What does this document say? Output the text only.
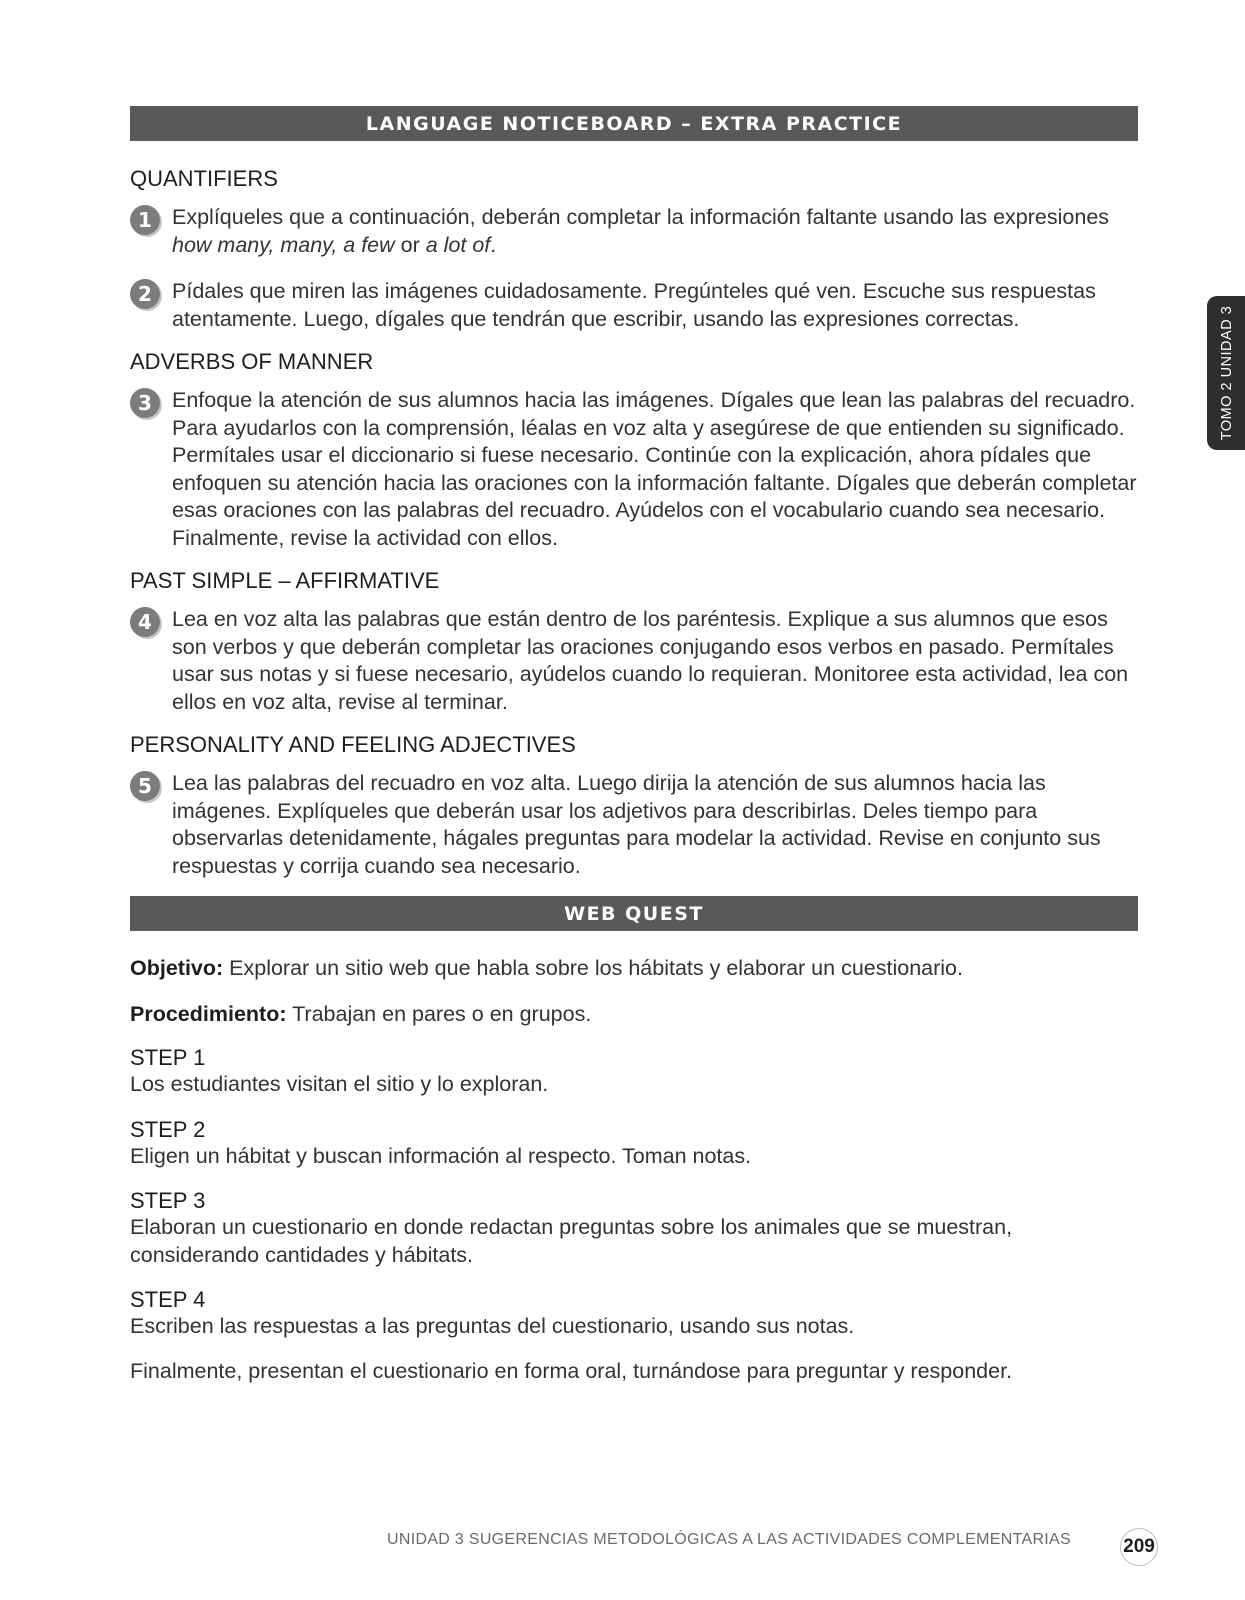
LANGUAGE NOTICEBOARD – EXTRA PRACTICE
QUANTIFIERS
1 Explíqueles que a continuación, deberán completar la información faltante usando las expresiones how many, many, a few or a lot of.
2 Pídales que miren las imágenes cuidadosamente. Pregúnteles qué ven. Escuche sus respuestas atentamente. Luego, dígales que tendrán que escribir, usando las expresiones correctas.
ADVERBS OF MANNER
3 Enfoque la atención de sus alumnos hacia las imágenes. Dígales que lean las palabras del recuadro. Para ayudarlos con la comprensión, léalas en voz alta y asegúrese de que entienden su significado. Permítales usar el diccionario si fuese necesario. Continúe con la explicación, ahora pídales que enfoquen su atención hacia las oraciones con la información faltante. Dígales que deberán completar esas oraciones con las palabras del recuadro. Ayúdelos con el vocabulario cuando sea necesario. Finalmente, revise la actividad con ellos.
PAST SIMPLE – AFFIRMATIVE
4 Lea en voz alta las palabras que están dentro de los paréntesis. Explique a sus alumnos que esos son verbos y que deberán completar las oraciones conjugando esos verbos en pasado. Permítales usar sus notas y si fuese necesario, ayúdelos cuando lo requieran. Monitoree esta actividad, lea con ellos en voz alta, revise al terminar.
PERSONALITY AND FEELING ADJECTIVES
5 Lea las palabras del recuadro en voz alta. Luego dirija la atención de sus alumnos hacia las imágenes. Explíqueles que deberán usar los adjetivos para describirlas. Deles tiempo para observarlas detenidamente, hágales preguntas para modelar la actividad. Revise en conjunto sus respuestas y corrija cuando sea necesario.
WEB QUEST

Objetivo: Explorar un sitio web que habla sobre los hábitats y elaborar un cuestionario.

Procedimiento: Trabajan en pares o en grupos.

STEP 1
Los estudiantes visitan el sitio y lo exploran.
STEP 2
Eligen un hábitat y buscan información al respecto. Toman notas.
STEP 3
Elaboran un cuestionario en donde redactan preguntas sobre los animales que se muestran, considerando cantidades y hábitats.
STEP 4
Escriben las respuestas a las preguntas del cuestionario, usando sus notas.

Finalmente, presentan el cuestionario en forma oral, turnándose para preguntar y responder.

TOMO 2 UNIDAD 3
UNIDAD 3 SUGERENCIAS METODOLÓGICAS A LAS ACTIVIDADES COMPLEMENTARIAS	209
